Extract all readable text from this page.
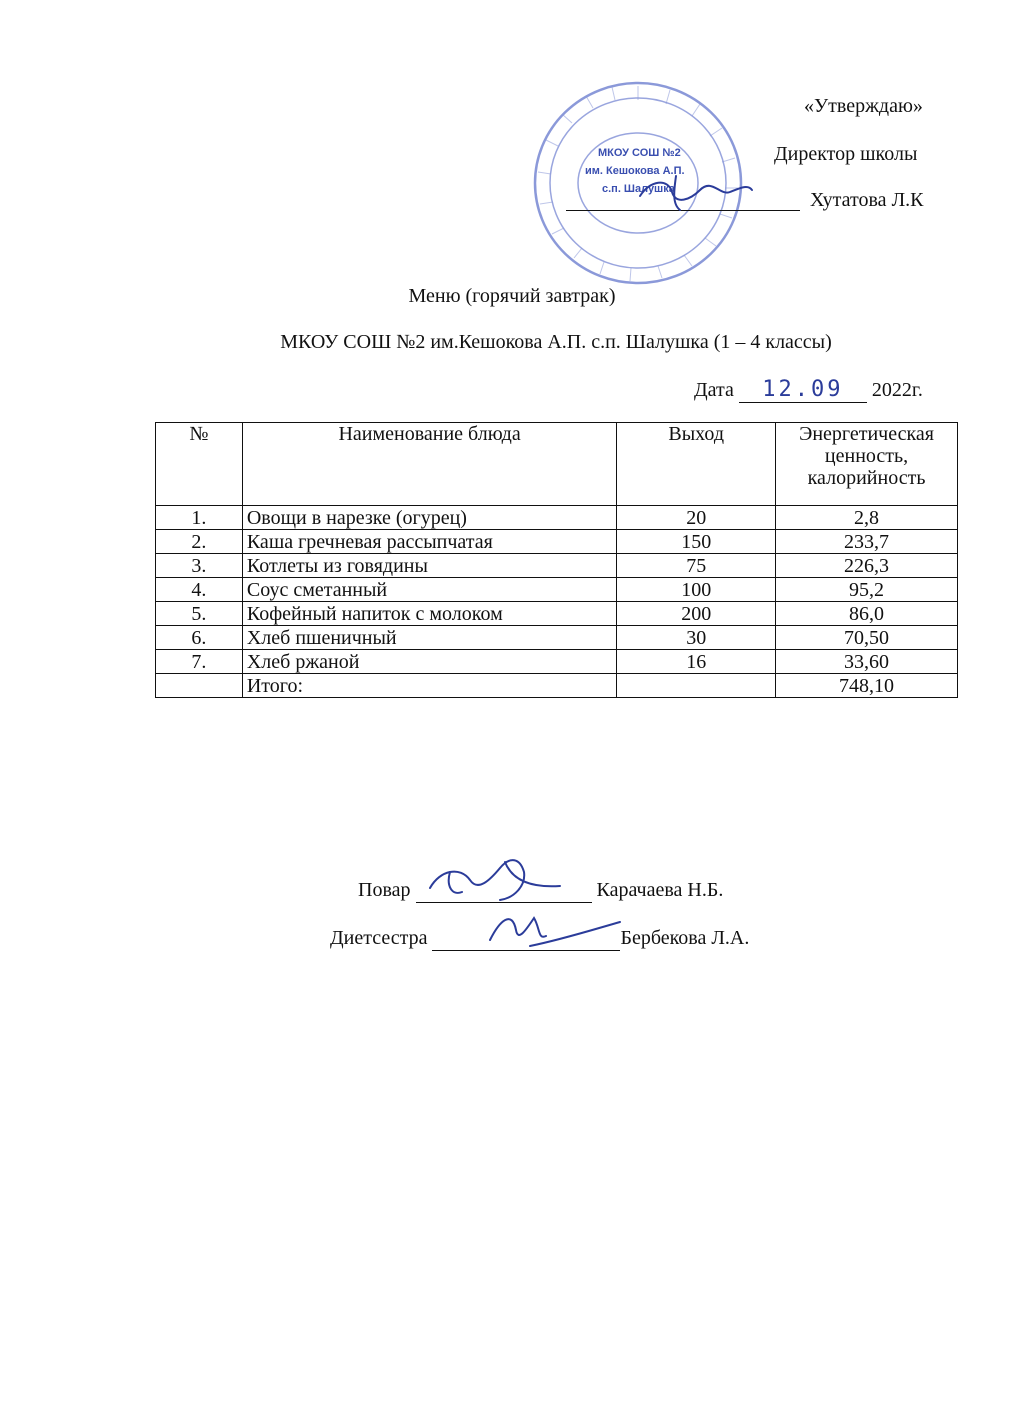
МКОУ СОШ №2
им. Кешокова А.П.
с.п. Шалушка
«Утверждаю»
Директор школы
Хутатова Л.К
Меню (горячий завтрак)
МКОУ СОШ №2 им.Кешокова А.П. с.п. Шалушка (1 – 4 классы)
Дата 12.09 2022г.
№	Наименование блюда	Выход	Энергетическая ценность, калорийность
1.	Овощи в нарезке (огурец)	20	2,8
2.	Каша гречневая рассыпчатая	150	233,7
3.	Котлеты из говядины	75	226,3
4.	Соус сметанный	100	95,2
5.	Кофейный напиток с молоком	200	86,0
6.	Хлеб пшеничный	30	70,50
7.	Хлеб ржаной	16	33,60
	Итого:		748,10
Повар	Карачаева Н.Б.
Диетсестра	Бербекова Л.А.
